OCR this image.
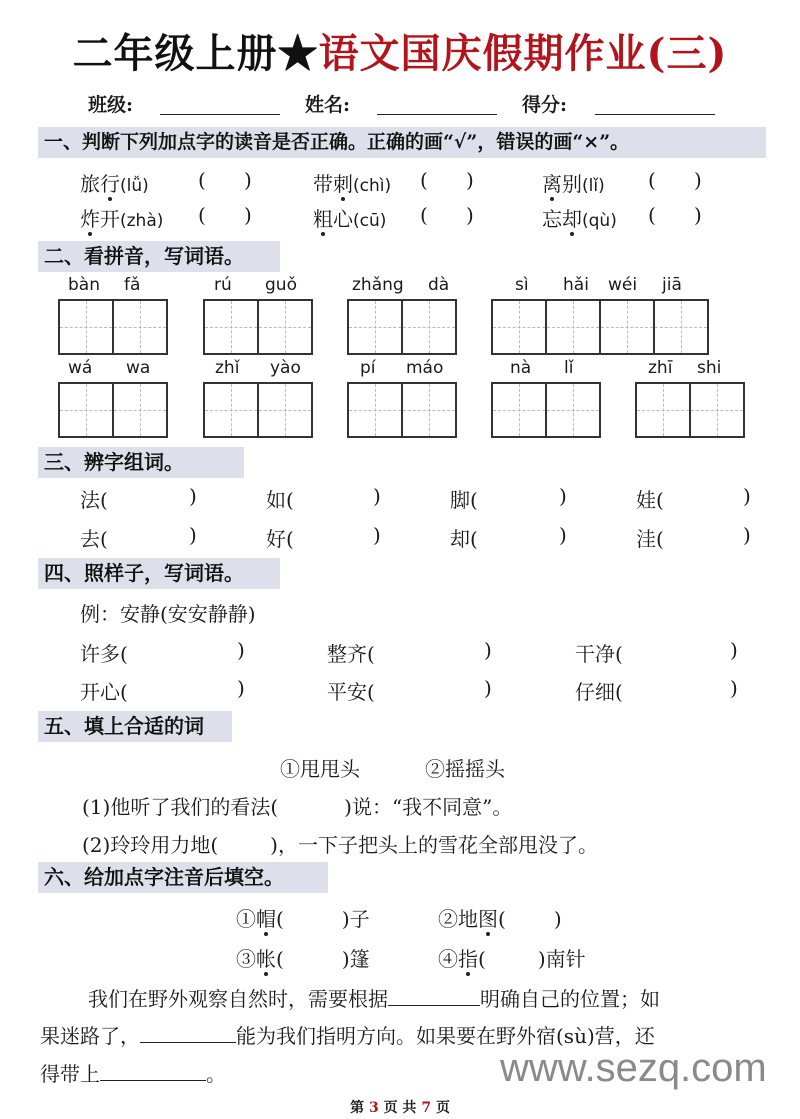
二年级上册★语文国庆假期作业(三)
班级:	姓名:	得分:
一、判断下列加点字的读音是否正确。正确的画“√”，错误的画“×”。
旅行(lǚ) (      )	带刺(chì) (      )	离别(lǐ) (      )
炸开(zhà) (      )	粗心(cū) (      )	忘却(qù) (      )
二、看拼音，写词语。
bàn fǎ	rú guǒ	zhǎng dà	sì hǎi wéi jiā
wá wa	zhǐ yào	pí máo	nà lǐ	zhī shi
三、辨字组词。
法(	)	如(	)	脚(	)	娃(	)
去(	)	好(	)	却(	)	洼(	)
四、照样子，写词语。
例：安静(安安静静)
许多(	)	整齐(	)	干净(	)
开心(	)	平安(	)	仔细(	)
五、填上合适的词
①甩甩头	②摇摇头
(1)他听了我们的看法(	)说：“我不同意”。
(2)玲玲用力地(	)，一下子把头上的雪花全部甩没了。
六、给加点字注音后填空。
①帽(	)子	②地图( )
③帐(	)篷	④指(	)南针
我们在野外观察自然时，需要根据	明确自己的位置；如
果迷路了，	能为我们指明方向。如果要在野外宿(sù)营，还
得带上	。	www.sezq.com
第 3 页 共 7 页
